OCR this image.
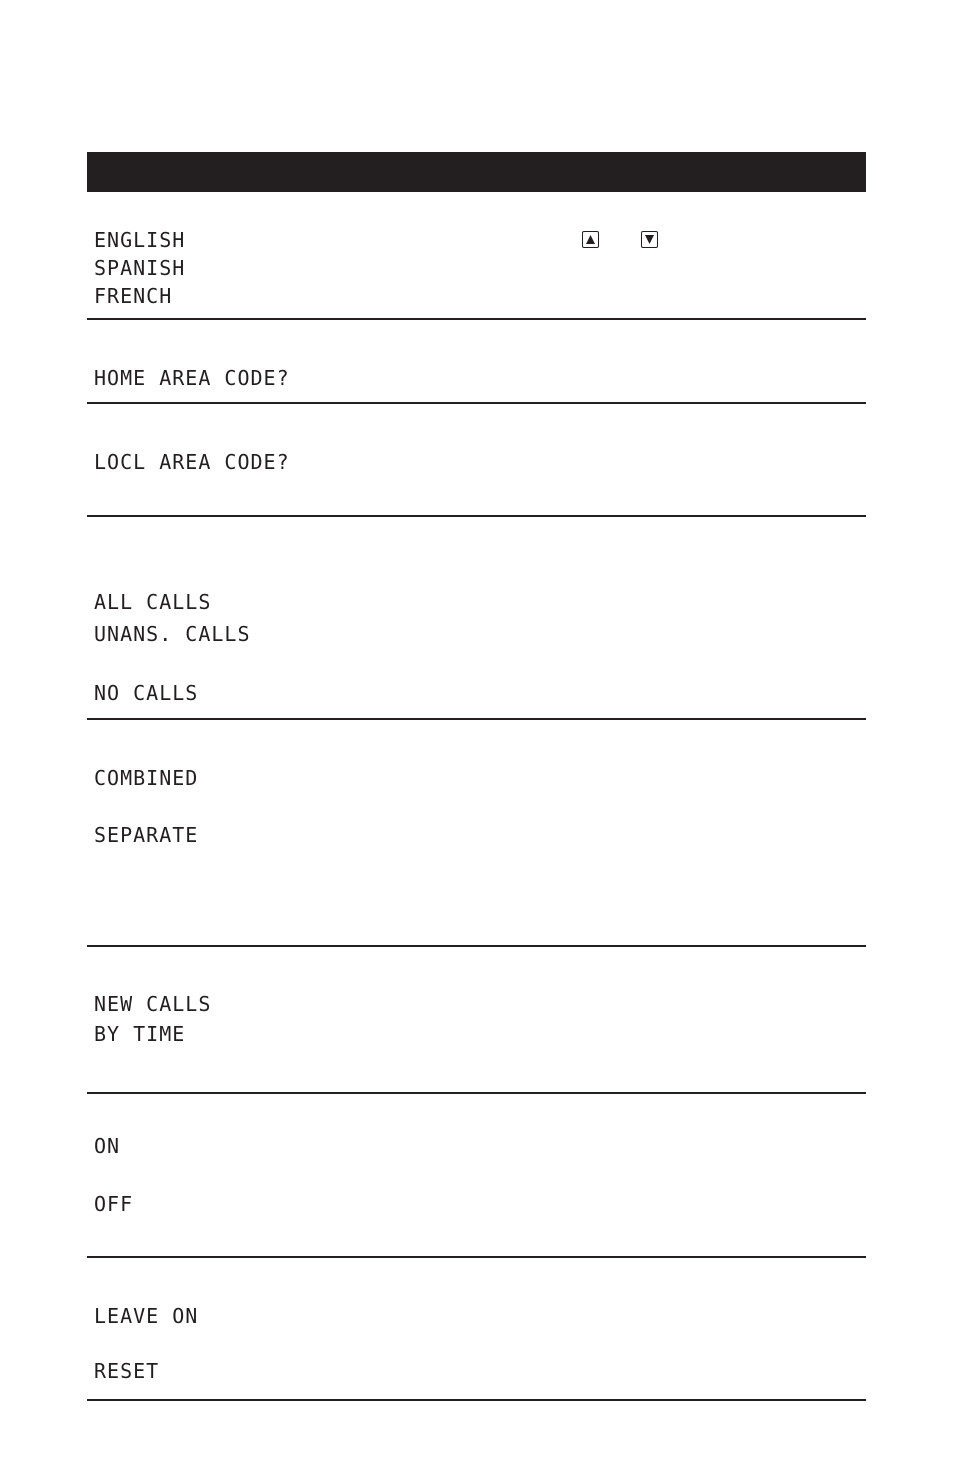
ENGLISH
SPANISH
FRENCH
HOME AREA CODE?
LOCL AREA CODE?
ALL CALLS
UNANS. CALLS
NO CALLS
COMBINED
SEPARATE
NEW CALLS
BY TIME
ON
OFF
LEAVE ON
RESET
